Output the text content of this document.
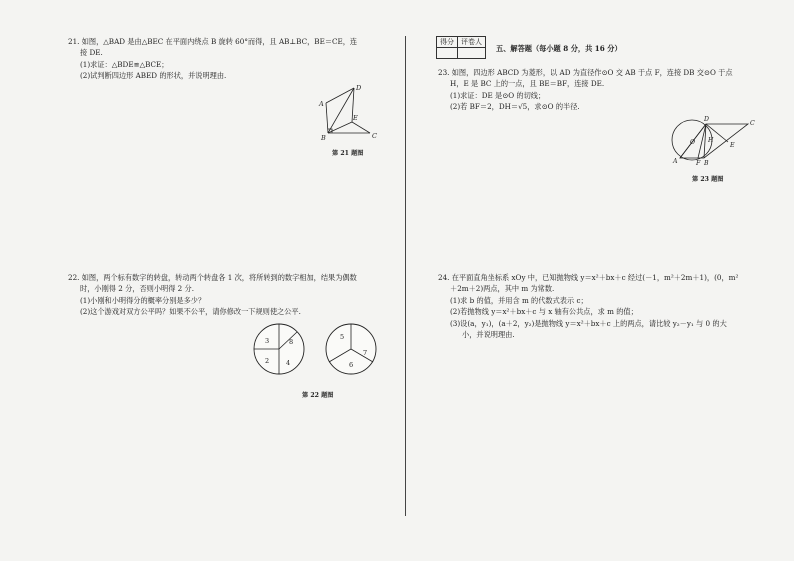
21. 如图，△BAD 是由△BEC 在平面内绕点 B 旋转 60°而得，且 AB⊥BC，BE＝CE，连
接 DE.
(1)求证：△BDE≌△BCE；
(2)试判断四边形 ABED 的形状，并说明理由.
A
B	C
D
E
第 21 题图
22. 如图，两个标有数字的转盘，转动两个转盘各 1 次，将所转到的数字相加，结果为偶数
时，小刚得 2 分，否则小明得 2 分.
(1)小刚和小明得分的概率分别是多少？
(2)这个游戏对双方公平吗？如果不公平，请你修改一下规则使之公平.
3	8
2	4
5
6
7
第 22 题图
得分	评卷人

五、解答题（每小题 8 分，共 16 分）
23. 如图，四边形 ABCD 为菱形，以 AD 为直径作⊙O 交 AB 于点 F，连接 DB 交⊙O 于点
H，E 是 BC 上的一点，且 BE＝BF，连接 DE.
(1)求证：DE 是⊙O 的切线；
(2)若 BF＝2，DH＝√5，求⊙O 的半径.
A	B
C
D
E
F
H
O
第 23 题图
24. 在平面直角坐标系 xOy 中，已知抛物线 y＝x²＋bx＋c 经过(－1，m²＋2m＋1)，(0，m²
＋2m＋2)两点，其中 m 为常数.
(1)求 b 的值，并用含 m 的代数式表示 c；
(2)若抛物线 y＝x²＋bx＋c 与 x 轴有公共点，求 m 的值；
(3)设(a，y₁)，(a＋2，y₂)是抛物线 y＝x²＋bx＋c 上的两点，请比较 y₂－y₁ 与 0 的大
小，并说明理由.
